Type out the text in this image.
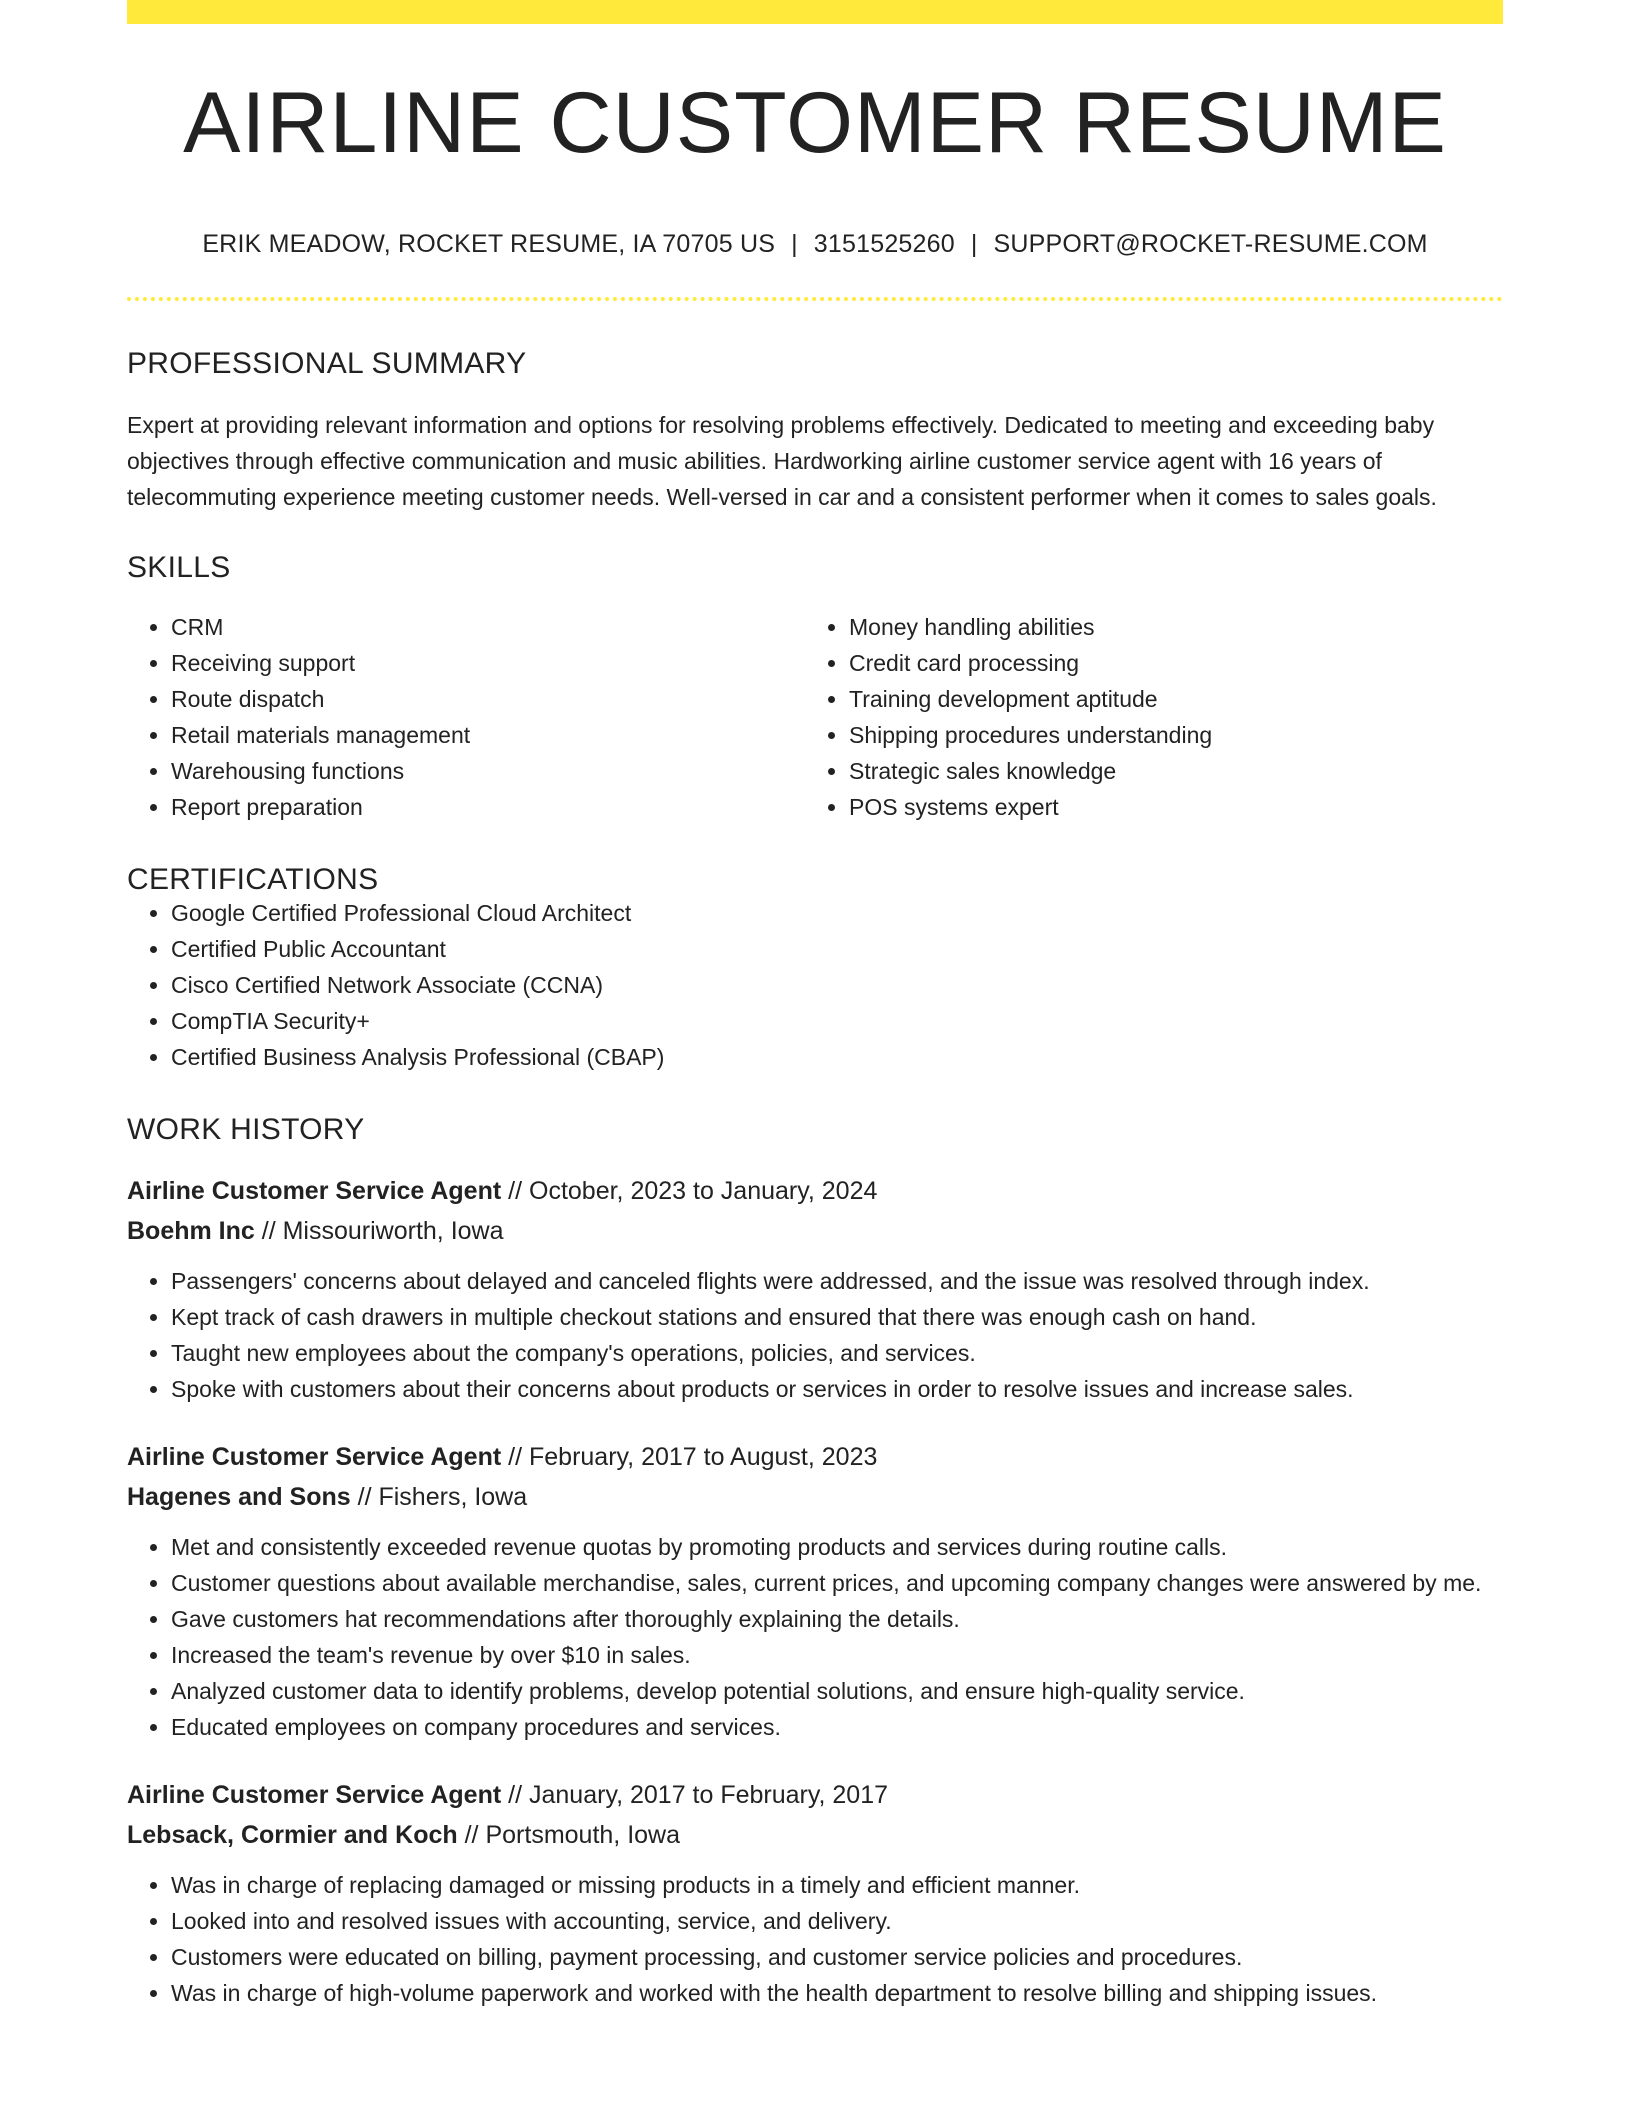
AIRLINE CUSTOMER RESUME
ERIK MEADOW, ROCKET RESUME, IA 70705 US | 3151525260 | SUPPORT@ROCKET-RESUME.COM
PROFESSIONAL SUMMARY

Expert at providing relevant information and options for resolving problems effectively. Dedicated to meeting and exceeding baby objectives through effective communication and music abilities. Hardworking airline customer service agent with 16 years of telecommuting experience meeting customer needs. Well-versed in car and a consistent performer when it comes to sales goals.

SKILLS
• CRM
• Receiving support
• Route dispatch
• Retail materials management
• Warehousing functions
• Report preparation
• Money handling abilities
• Credit card processing
• Training development aptitude
• Shipping procedures understanding
• Strategic sales knowledge
• POS systems expert
CERTIFICATIONS
• Google Certified Professional Cloud Architect
• Certified Public Accountant
• Cisco Certified Network Associate (CCNA)
• CompTIA Security+
• Certified Business Analysis Professional (CBAP)
WORK HISTORY
Airline Customer Service Agent // October, 2023 to January, 2024
Boehm Inc // Missouriworth, Iowa
• Passengers' concerns about delayed and canceled flights were addressed, and the issue was resolved through index.
• Kept track of cash drawers in multiple checkout stations and ensured that there was enough cash on hand.
• Taught new employees about the company's operations, policies, and services.
• Spoke with customers about their concerns about products or services in order to resolve issues and increase sales.
Airline Customer Service Agent // February, 2017 to August, 2023
Hagenes and Sons // Fishers, Iowa
• Met and consistently exceeded revenue quotas by promoting products and services during routine calls.
• Customer questions about available merchandise, sales, current prices, and upcoming company changes were answered by me.
• Gave customers hat recommendations after thoroughly explaining the details.
• Increased the team's revenue by over $10 in sales.
• Analyzed customer data to identify problems, develop potential solutions, and ensure high-quality service.
• Educated employees on company procedures and services.
Airline Customer Service Agent // January, 2017 to February, 2017
Lebsack, Cormier and Koch // Portsmouth, Iowa
• Was in charge of replacing damaged or missing products in a timely and efficient manner.
• Looked into and resolved issues with accounting, service, and delivery.
• Customers were educated on billing, payment processing, and customer service policies and procedures.
• Was in charge of high-volume paperwork and worked with the health department to resolve billing and shipping issues.
